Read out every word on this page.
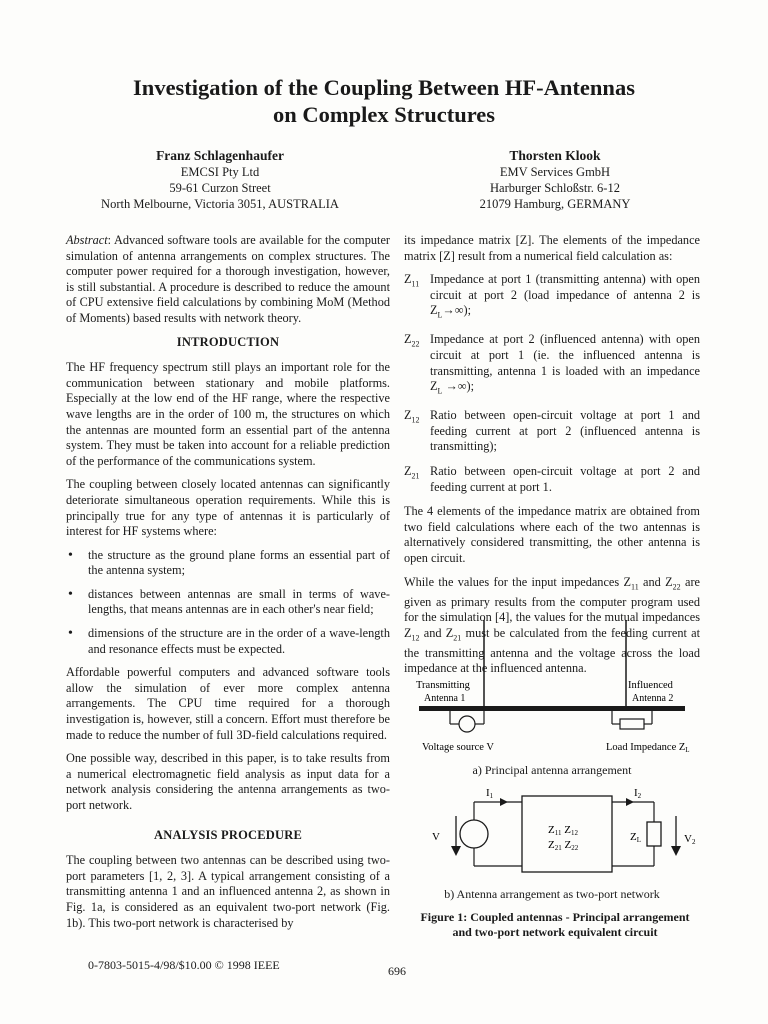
Investigation of the Coupling Between HF-Antennas
on Complex Structures
Franz Schlagenhaufer
EMCSI Pty Ltd
59-61 Curzon Street
North Melbourne, Victoria 3051, AUSTRALIA
Thorsten Klook
EMV Services GmbH
Harburger Schloßstr. 6-12
21079 Hamburg, GERMANY

Abstract: Advanced software tools are available for the computer simulation of antenna arrangements on complex structures. The computer power required for a thorough investigation, however, is still substantial. A procedure is described to reduce the amount of CPU extensive field calculations by combining MoM (Method of Moments) based results with network theory.

INTRODUCTION

The HF frequency spectrum still plays an important role for the communication between stationary and mobile platforms. Especially at the low end of the HF range, where the respective wave lengths are in the order of 100 m, the structures on which the antennas are mounted form an essential part of the antenna system. They must be taken into account for a reliable prediction of the performance of the communications system.

The coupling between closely located antennas can significantly deteriorate simultaneous operation requirements. While this is principally true for any type of antennas it is particularly of interest for HF systems where:

• the structure as the ground plane forms an essential part of the antenna system;
• distances between antennas are small in terms of wave-lengths, that means antennas are in each other's near field;
• dimensions of the structure are in the order of a wave-length and resonance effects must be expected.

Affordable powerful computers and advanced software tools allow the simulation of ever more complex antenna arrangements. The CPU time required for a thorough investigation is, however, still a concern. Effort must therefore be made to reduce the number of full 3D-field calculations required.

One possible way, described in this paper, is to take results from a numerical electromagnetic field analysis as input data for a network analysis considering the antenna arrangements as two-port network.

ANALYSIS PROCEDURE

The coupling between two antennas can be described using two-port parameters [1, 2, 3]. A typical arrangement consisting of a transmitting antenna 1 and an influenced antenna 2, as shown in Fig. 1a, is considered as an equivalent two-port network (Fig. 1b). This two-port network is characterised by

its impedance matrix [Z]. The elements of the impedance matrix [Z] result from a numerical field calculation as:

$Z_{11}$ Impedance at port 1 (transmitting antenna) with open circuit at port 2 (load impedance of antenna 2 is $Z_L\to\infty$);
$Z_{22}$ Impedance at port 2 (influenced antenna) with open circuit at port 1 (ie. the influenced antenna is transmitting, antenna 1 is loaded with an impedance $Z_L$ →∞);
$Z_{12}$ Ratio between open-circuit voltage at port 1 and feeding current at port 2 (influenced antenna is transmitting);
$Z_{21}$ Ratio between open-circuit voltage at port 2 and feeding current at port 1.

The 4 elements of the impedance matrix are obtained from two field calculations where each of the two antennas is alternatively considered transmitting, the other antenna is open circuit.

While the values for the input impedances $Z_{11}$ and $Z_{22}$ are given as primary results from the computer program used for the simulation [4], the values for the mutual impedances $Z_{12}$ and $Z_{21}$ must be calculated from the feeding current at the transmitting antenna and the voltage across the load impedance at the influenced antenna.

Transmitting
Antenna 1
Influenced
Antenna 2
Voltage source V	Load Impedance ZL
a) Principal antenna arrangement
I1	I2
V	V2
ZL
Z11 Z12
Z21 Z22
b) Antenna arrangement as two-port network
Figure 1: Coupled antennas - Principal arrangement and two-port network equivalent circuit
0-7803-5015-4/98/$10.00 © 1998 IEEE	696
